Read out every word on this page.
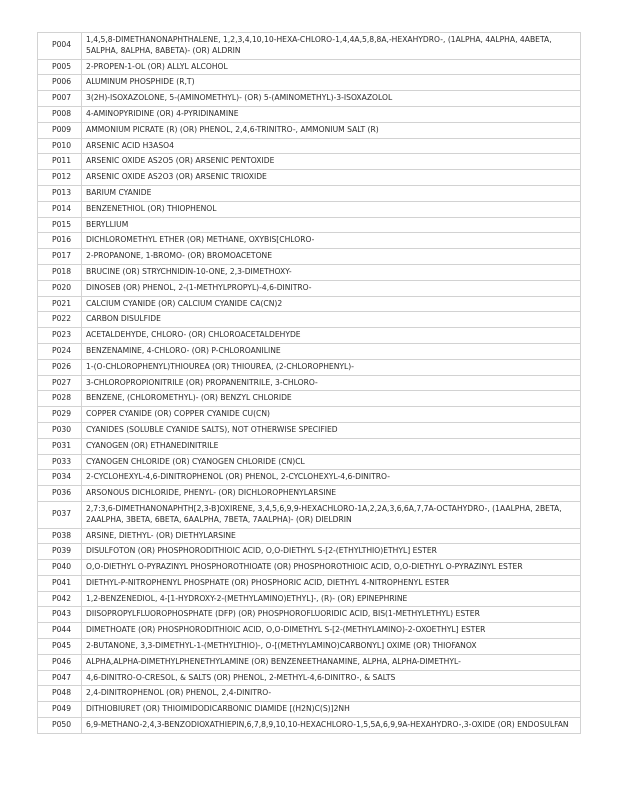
P004	1,4,5,8-DIMETHANONAPHTHALENE, 1,2,3,4,10,10-HEXA-CHLORO-1,4,4A,5,8,8A,-HEXAHYDRO-, (1ALPHA, 4ALPHA, 4ABETA, 5ALPHA, 8ALPHA, 8ABETA)- (OR) ALDRIN
P005	2-PROPEN-1-OL (OR) ALLYL ALCOHOL
P006	ALUMINUM PHOSPHIDE (R,T)
P007	3(2H)-ISOXAZOLONE, 5-(AMINOMETHYL)- (OR) 5-(AMINOMETHYL)-3-ISOXAZOLOL
P008	4-AMINOPYRIDINE (OR) 4-PYRIDINAMINE
P009	AMMONIUM PICRATE (R) (OR) PHENOL, 2,4,6-TRINITRO-, AMMONIUM SALT (R)
P010	ARSENIC ACID H3ASO4
P011	ARSENIC OXIDE AS2O5 (OR) ARSENIC PENTOXIDE
P012	ARSENIC OXIDE AS2O3 (OR) ARSENIC TRIOXIDE
P013	BARIUM CYANIDE
P014	BENZENETHIOL (OR) THIOPHENOL
P015	BERYLLIUM
P016	DICHLOROMETHYL ETHER (OR) METHANE, OXYBIS[CHLORO-
P017	2-PROPANONE, 1-BROMO- (OR) BROMOACETONE
P018	BRUCINE (OR) STRYCHNIDIN-10-ONE, 2,3-DIMETHOXY-
P020	DINOSEB (OR) PHENOL, 2-(1-METHYLPROPYL)-4,6-DINITRO-
P021	CALCIUM CYANIDE (OR) CALCIUM CYANIDE CA(CN)2
P022	CARBON DISULFIDE
P023	ACETALDEHYDE, CHLORO- (OR) CHLOROACETALDEHYDE
P024	BENZENAMINE, 4-CHLORO- (OR) P-CHLOROANILINE
P026	1-(O-CHLOROPHENYL)THIOUREA (OR) THIOUREA, (2-CHLOROPHENYL)-
P027	3-CHLOROPROPIONITRILE (OR) PROPANENITRILE, 3-CHLORO-
P028	BENZENE, (CHLOROMETHYL)- (OR) BENZYL CHLORIDE
P029	COPPER CYANIDE (OR) COPPER CYANIDE CU(CN)
P030	CYANIDES (SOLUBLE CYANIDE SALTS), NOT OTHERWISE SPECIFIED
P031	CYANOGEN (OR) ETHANEDINITRILE
P033	CYANOGEN CHLORIDE (OR) CYANOGEN CHLORIDE (CN)CL
P034	2-CYCLOHEXYL-4,6-DINITROPHENOL (OR) PHENOL, 2-CYCLOHEXYL-4,6-DINITRO-
P036	ARSONOUS DICHLORIDE, PHENYL- (OR) DICHLOROPHENYLARSINE
P037	2,7:3,6-DIMETHANONAPHTH[2,3-B]OXIRENE, 3,4,5,6,9,9-HEXACHLORO-1A,2,2A,3,6,6A,7,7A-OCTAHYDRO-, (1AALPHA, 2BETA, 2AALPHA, 3BETA, 6BETA, 6AALPHA, 7BETA, 7AALPHA)- (OR) DIELDRIN
P038	ARSINE, DIETHYL- (OR) DIETHYLARSINE
P039	DISULFOTON (OR) PHOSPHORODITHIOIC ACID, O,O-DIETHYL S-[2-(ETHYLTHIO)ETHYL] ESTER
P040	O,O-DIETHYL O-PYRAZINYL PHOSPHOROTHIOATE (OR) PHOSPHOROTHIOIC ACID, O,O-DIETHYL O-PYRAZINYL ESTER
P041	DIETHYL-P-NITROPHENYL PHOSPHATE (OR) PHOSPHORIC ACID, DIETHYL 4-NITROPHENYL ESTER
P042	1,2-BENZENEDIOL, 4-[1-HYDROXY-2-(METHYLAMINO)ETHYL]-, (R)- (OR) EPINEPHRINE
P043	DIISOPROPYLFLUOROPHOSPHATE (DFP) (OR) PHOSPHOROFLUORIDIC ACID, BIS(1-METHYLETHYL) ESTER
P044	DIMETHOATE (OR) PHOSPHORODITHIOIC ACID, O,O-DIMETHYL S-[2-(METHYLAMINO)-2-OXOETHYL] ESTER
P045	2-BUTANONE, 3,3-DIMETHYL-1-(METHYLTHIO)-, O-[(METHYLAMINO)CARBONYL] OXIME (OR) THIOFANOX
P046	ALPHA,ALPHA-DIMETHYLPHENETHYLAMINE (OR) BENZENEETHANAMINE, ALPHA, ALPHA-DIMETHYL-
P047	4,6-DINITRO-O-CRESOL, & SALTS (OR) PHENOL, 2-METHYL-4,6-DINITRO-, & SALTS
P048	2,4-DINITROPHENOL (OR) PHENOL, 2,4-DINITRO-
P049	DITHIOBIURET (OR) THIOIMIDODICARBONIC DIAMIDE [(H2N)C(S)]2NH
P050	6,9-METHANO-2,4,3-BENZODIOXATHIEPIN,6,7,8,9,10,10-HEXACHLORO-1,5,5A,6,9,9A-HEXAHYDRO-,3-OXIDE (OR) ENDOSULFAN
